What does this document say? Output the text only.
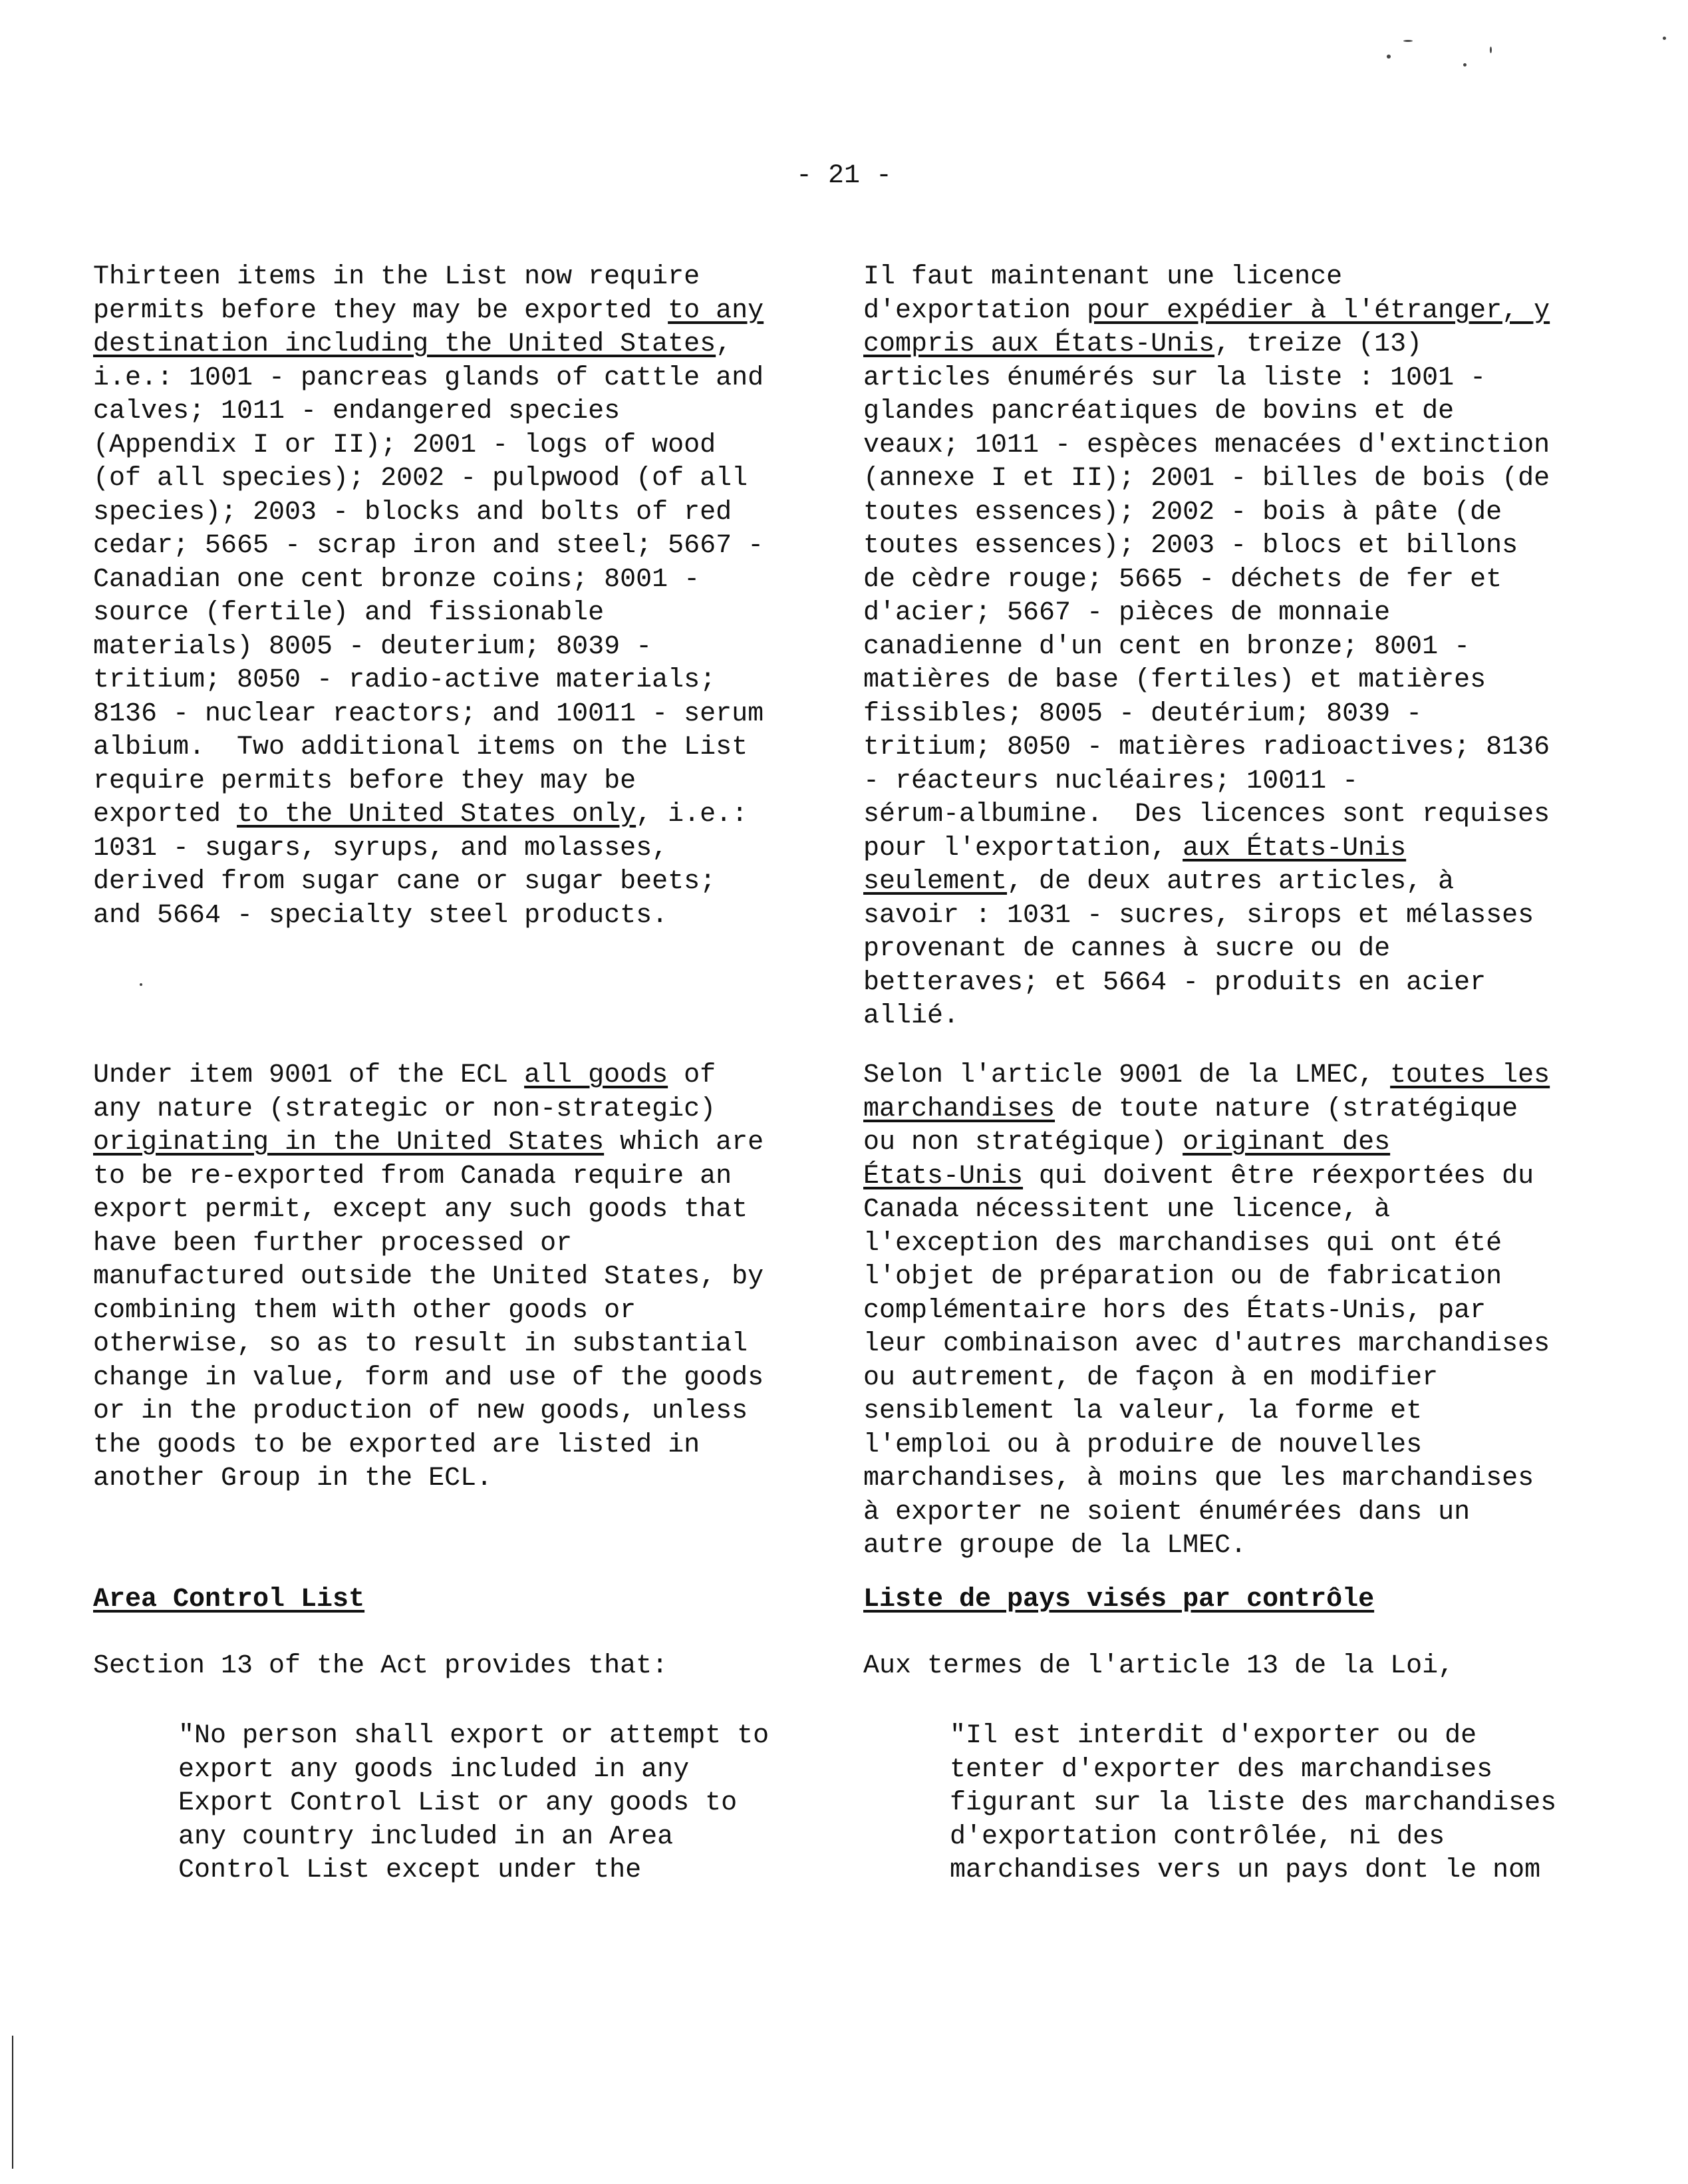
- 21 -
Thirteen items in the List now require
permits before they may be exported to any
destination including the United States,
i.e.: 1001 - pancreas glands of cattle and
calves; 1011 - endangered species
(Appendix I or II); 2001 - logs of wood
(of all species); 2002 - pulpwood (of all
species); 2003 - blocks and bolts of red
cedar; 5665 - scrap iron and steel; 5667 -
Canadian one cent bronze coins; 8001 -
source (fertile) and fissionable
materials) 8005 - deuterium; 8039 -
tritium; 8050 - radio-active materials;
8136 - nuclear reactors; and 10011 - serum
albium.  Two additional items on the List
require permits before they may be
exported to the United States only, i.e.:
1031 - sugars, syrups, and molasses,
derived from sugar cane or sugar beets;
and 5664 - specialty steel products.
Under item 9001 of the ECL all goods of
any nature (strategic or non-strategic)
originating in the United States which are
to be re-exported from Canada require an
export permit, except any such goods that
have been further processed or
manufactured outside the United States, by
combining them with other goods or
otherwise, so as to result in substantial
change in value, form and use of the goods
or in the production of new goods, unless
the goods to be exported are listed in
another Group in the ECL.
Area Control List
Section 13 of the Act provides that:
"No person shall export or attempt to
export any goods included in any
Export Control List or any goods to
any country included in an Area
Control List except under the
Il faut maintenant une licence
d'exportation pour expédier à l'étranger, y
compris aux États-Unis, treize (13)
articles énumérés sur la liste : 1001 -
glandes pancréatiques de bovins et de
veaux; 1011 - espèces menacées d'extinction
(annexe I et II); 2001 - billes de bois (de
toutes essences); 2002 - bois à pâte (de
toutes essences); 2003 - blocs et billons
de cèdre rouge; 5665 - déchets de fer et
d'acier; 5667 - pièces de monnaie
canadienne d'un cent en bronze; 8001 -
matières de base (fertiles) et matières
fissibles; 8005 - deutérium; 8039 -
tritium; 8050 - matières radioactives; 8136
- réacteurs nucléaires; 10011 -
sérum-albumine.  Des licences sont requises
pour l'exportation, aux États-Unis
seulement, de deux autres articles, à
savoir : 1031 - sucres, sirops et mélasses
provenant de cannes à sucre ou de
betteraves; et 5664 - produits en acier
allié.
Selon l'article 9001 de la LMEC, toutes les
marchandises de toute nature (stratégique
ou non stratégique) originant des
États-Unis qui doivent être réexportées du
Canada nécessitent une licence, à
l'exception des marchandises qui ont été
l'objet de préparation ou de fabrication
complémentaire hors des États-Unis, par
leur combinaison avec d'autres marchandises
ou autrement, de façon à en modifier
sensiblement la valeur, la forme et
l'emploi ou à produire de nouvelles
marchandises, à moins que les marchandises
à exporter ne soient énumérées dans un
autre groupe de la LMEC.
Liste de pays visés par contrôle
Aux termes de l'article 13 de la Loi,
"Il est interdit d'exporter ou de
tenter d'exporter des marchandises
figurant sur la liste des marchandises
d'exportation contrôlée, ni des
marchandises vers un pays dont le nom
